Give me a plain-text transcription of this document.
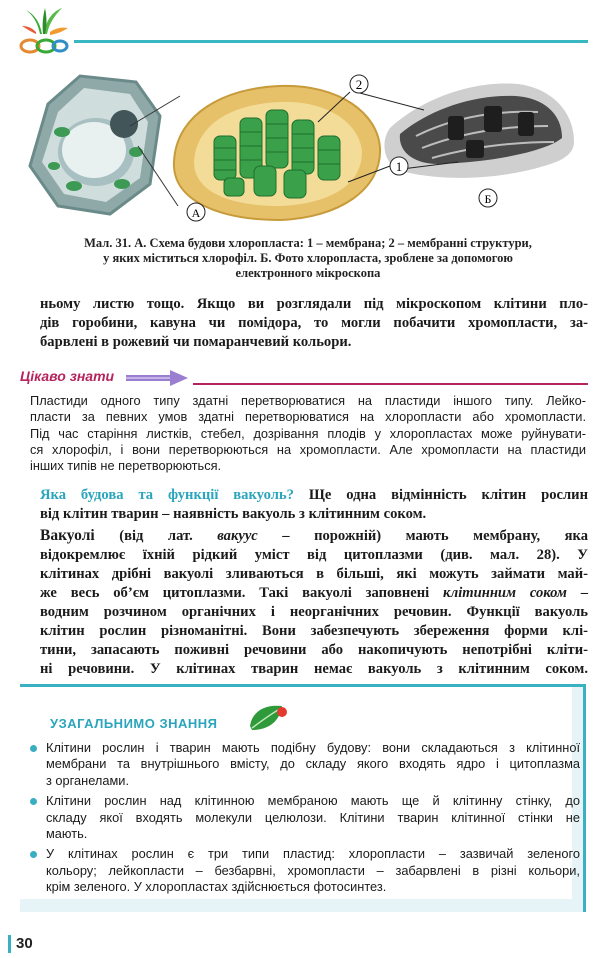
2
1
А
Б
Мал. 31. А. Схема будови хлоропласта: 1 – мембрана; 2 – мембранні структури,
у яких міститься хлорофіл. Б. Фото хлоропласта, зроблене за допомогою
електронного мікроскопа
ньому листю тощо. Якщо ви розглядали під мікроскопом клітини пло-
дів горобини, кавуна чи помідора, то могли побачити хромопласти, за-
барвлені в рожевий чи помаранчевий кольори.
Цікаво знати
Пластиди одного типу здатні перетворюватися на пластиди іншого типу. Лейко-
пласти за певних умов здатні перетворюватися на хлоропласти або хромопласти.
Під час старіння листків, стебел, дозрівання плодів у хлоропластах може руйнувати-
ся хлорофіл, і вони перетворюються на хромопласти. Але хромопласти на пластиди
інших типів не перетворюються.
Яка будова та функції вакуоль? Ще одна відмінність клітин рослин
від клітин тварин – наявність вакуоль з клітинним соком.
Вакуолі (від лат. вакуус – порожній) мають мембрану, яка
відокремлює їхній рідкий уміст від цитоплазми (див. мал. 28). У
клітинах дрібні вакуолі зливаються в більші, які можуть займати май-
же весь об’єм цитоплазми. Такі вакуолі заповнені клітинним соком –
водним розчином органічних і неорганічних речовин. Функції вакуоль
клітин рослин різноманітні. Вони забезпечують збереження форми клі-
тини, запасають поживні речовини або накопичують непотрібні кліти-
ні речовини. У клітинах тварин немає вакуоль з клітинним соком.
УЗАГАЛЬНИМО ЗНАННЯ
Клітини рослин і тварин мають подібну будову: вони складаються з клітинної
мембрани та внутрішнього вмісту, до складу якого входять ядро і цитоплазма
з органелами.
Клітини рослин над клітинною мембраною мають ще й клітинну стінку, до
складу якої входять молекули целюлози. Клітини тварин клітинної стінки не
мають.
У клітинах рослин є три типи пластид: хлоропласти – зазвичай зеленого
кольору; лейкопласти – безбарвні, хромопласти – забарвлені в різні кольори,
крім зеленого. У хлоропластах здійснюється фотосинтез.
30
